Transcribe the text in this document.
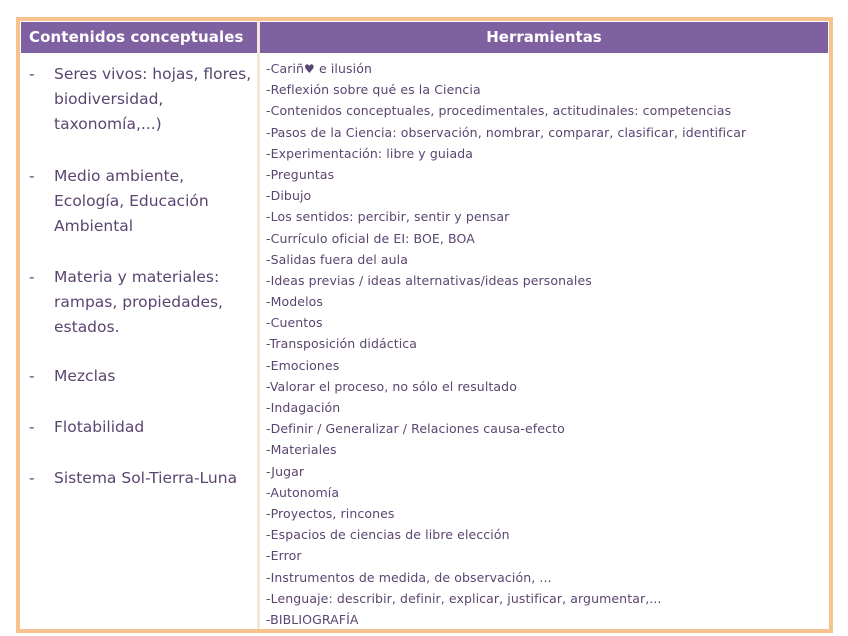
Contenidos conceptuales	Herramientas
- Seres vivos: hojas, flores, biodiversidad, taxonomía,...)
- Medio ambiente, Ecología, Educación Ambiental
- Materia y materiales: rampas, propiedades, estados.
- Mezclas
- Flotabilidad
- Sistema Sol-Tierra-Luna
-Cariñ♥ e ilusión
-Reflexión sobre qué es la Ciencia
-Contenidos conceptuales, procedimentales, actitudinales: competencias
-Pasos de la Ciencia: observación, nombrar, comparar, clasificar, identificar
-Experimentación: libre y guiada
-Preguntas
-Dibujo
-Los sentidos: percibir, sentir y pensar
-Currículo oficial de EI: BOE, BOA
-Salidas fuera del aula
-Ideas previas / ideas alternativas/ideas personales
-Modelos
-Cuentos
-Transposición didáctica
-Emociones
-Valorar el proceso, no sólo el resultado
-Indagación
-Definir / Generalizar / Relaciones causa-efecto
-Materiales
-Jugar
-Autonomía
-Proyectos, rincones
-Espacios de ciencias de libre elección
-Error
-Instrumentos de medida, de observación, ...
-Lenguaje: describir, definir, explicar, justificar, argumentar,...
-BIBLIOGRAFÍA
